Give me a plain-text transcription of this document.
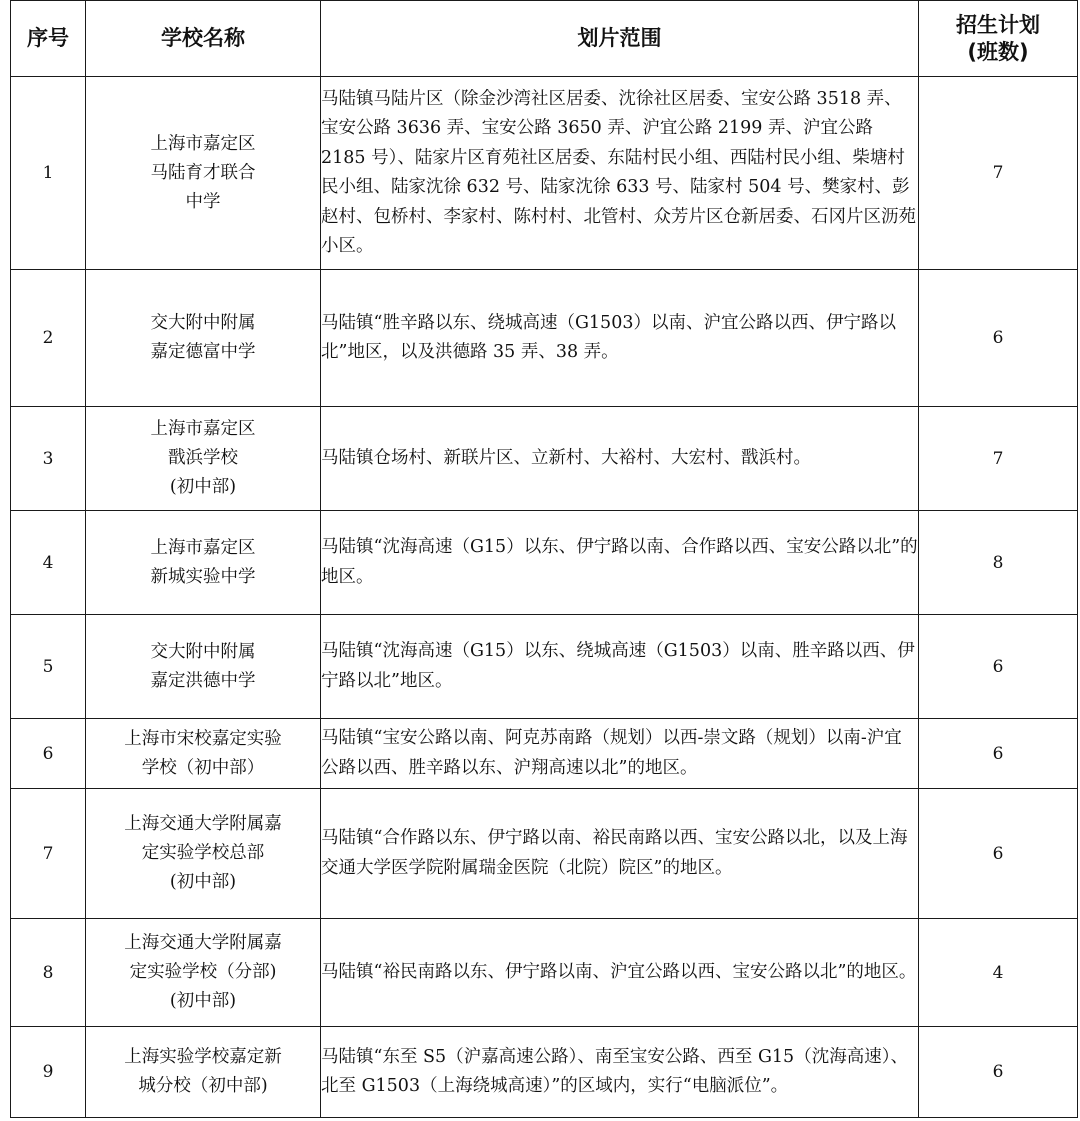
序号	学校名称	划片范围	招生计划
(班数)

1	上海市嘉定区
马陆育才联合
中学	马陆镇马陆片区（除金沙湾社区居委、沈徐社区居委、宝安公路 3518 弄、宝安公路 3636 弄、宝安公路 3650 弄、沪宜公路 2199 弄、沪宜公路 2185 号）、陆家片区育苑社区居委、东陆村民小组、西陆村民小组、柴塘村民小组、陆家沈徐 632 号、陆家沈徐 633 号、陆家村 504 号、樊家村、彭赵村、包桥村、李家村、陈村村、北管村、众芳片区仓新居委、石冈片区沥苑小区。	7
2	交大附中附属
嘉定德富中学	马陆镇“胜辛路以东、绕城高速（G1503）以南、沪宜公路以西、伊宁路以北”地区，以及洪德路 35 弄、38 弄。	6
3	上海市嘉定区
戬浜学校
(初中部)	马陆镇仓场村、新联片区、立新村、大裕村、大宏村、戬浜村。	7
4	上海市嘉定区
新城实验中学	马陆镇“沈海高速（G15）以东、伊宁路以南、合作路以西、宝安公路以北”的地区。	8
5	交大附中附属
嘉定洪德中学	马陆镇“沈海高速（G15）以东、绕城高速（G1503）以南、胜辛路以西、伊宁路以北”地区。	6
6	上海市宋校嘉定实验
学校（初中部）	马陆镇“宝安公路以南、阿克苏南路（规划）以西-崇文路（规划）以南-沪宜公路以西、胜辛路以东、沪翔高速以北”的地区。	6
7	上海交通大学附属嘉
定实验学校总部
(初中部)	马陆镇“合作路以东、伊宁路以南、裕民南路以西、宝安公路以北，以及上海交通大学医学院附属瑞金医院（北院）院区”的地区。	6
8	上海交通大学附属嘉
定实验学校（分部)
(初中部)	马陆镇“裕民南路以东、伊宁路以南、沪宜公路以西、宝安公路以北”的地区。	4
9	上海实验学校嘉定新
城分校（初中部)	马陆镇“东至 S5（沪嘉高速公路）、南至宝安公路、西至 G15（沈海高速）、北至 G1503（上海绕城高速）”的区域内，实行“电脑派位”。	6
